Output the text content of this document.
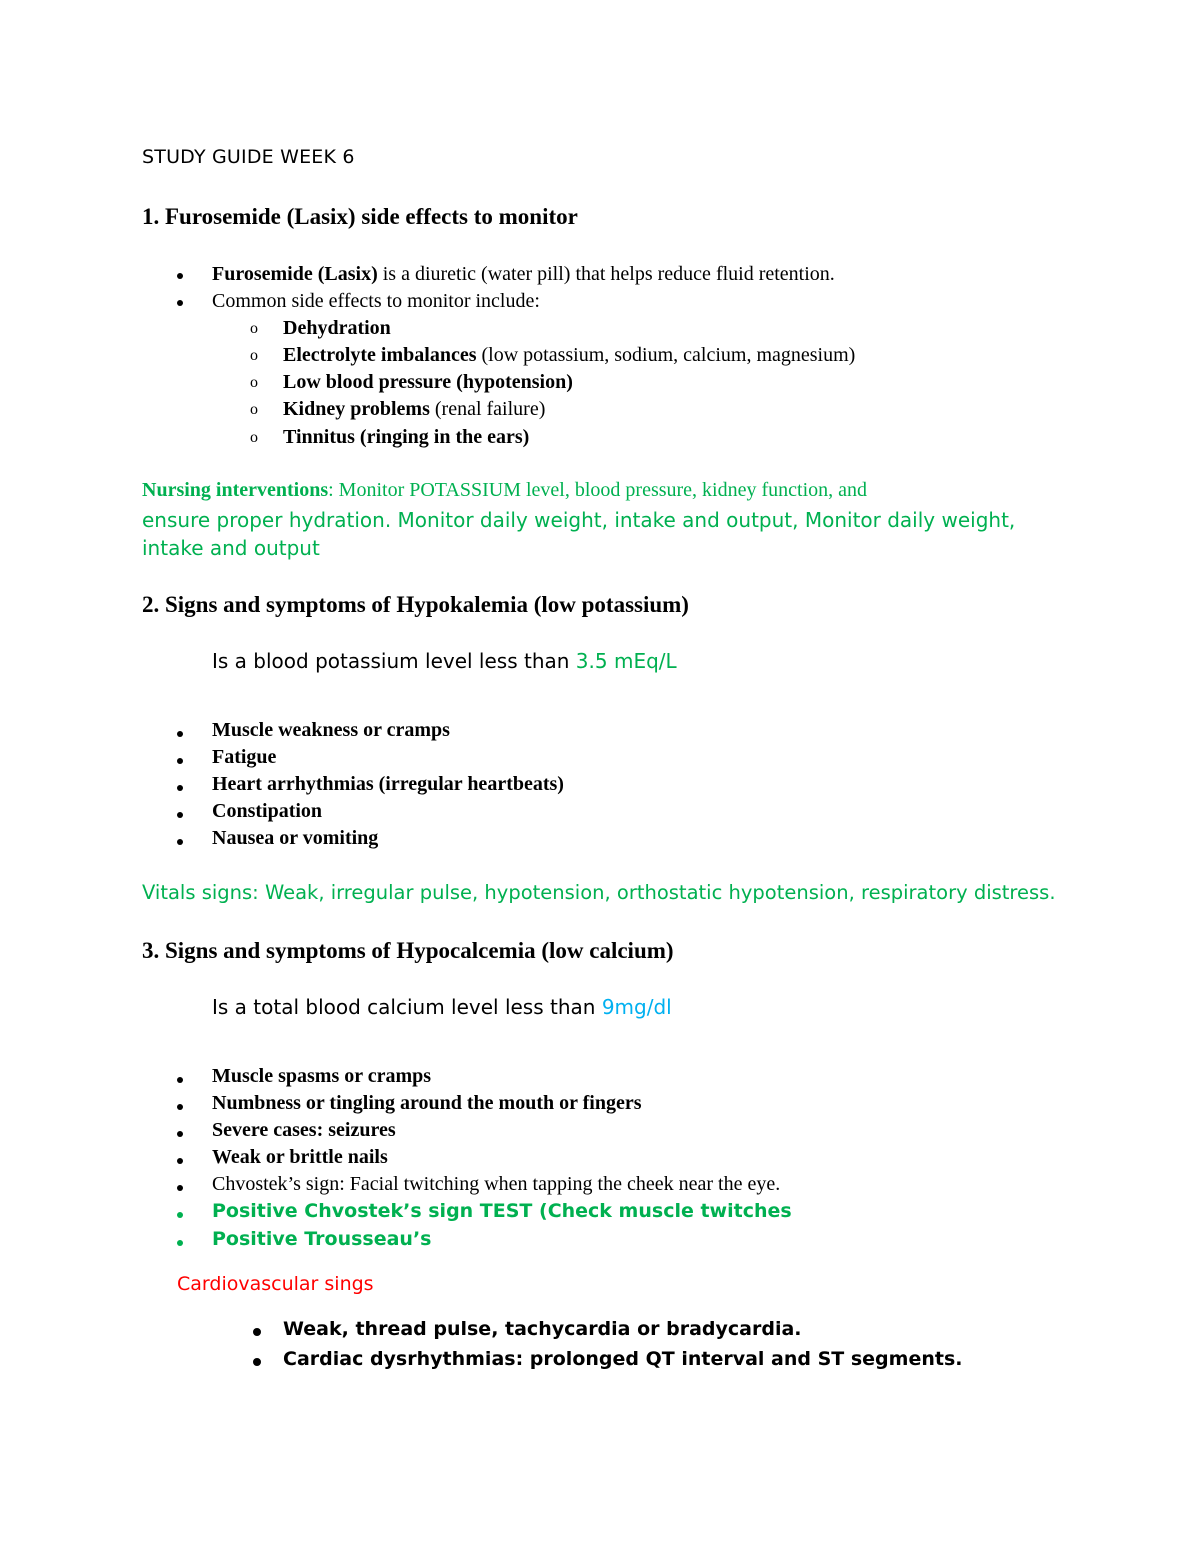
STUDY GUIDE WEEK 6
1. Furosemide (Lasix) side effects to monitor
Furosemide (Lasix) is a diuretic (water pill) that helps reduce fluid retention.
Common side effects to monitor include:
o Dehydration
o Electrolyte imbalances (low potassium, sodium, calcium, magnesium)
o Low blood pressure (hypotension)
o Kidney problems (renal failure)
o Tinnitus (ringing in the ears)
Nursing interventions: Monitor POTASSIUM level, blood pressure, kidney function, and
ensure proper hydration. Monitor daily weight, intake and output, Monitor daily weight, intake and output
2. Signs and symptoms of Hypokalemia (low potassium)
Is a blood potassium level less than 3.5 mEq/L
Muscle weakness or cramps
Fatigue
Heart arrhythmias (irregular heartbeats)
Constipation
Nausea or vomiting
Vitals signs: Weak, irregular pulse, hypotension, orthostatic hypotension, respiratory distress.
3. Signs and symptoms of Hypocalcemia (low calcium)
Is a total blood calcium level less than 9mg/dl
Muscle spasms or cramps
Numbness or tingling around the mouth or fingers
Severe cases: seizures
Weak or brittle nails
Chvostek’s sign: Facial twitching when tapping the cheek near the eye.
Positive Chvostek’s sign TEST (Check muscle twitches
Positive Trousseau’s
Cardiovascular sings
Weak, thread pulse, tachycardia or bradycardia.
Cardiac dysrhythmias: prolonged QT interval and ST segments.
